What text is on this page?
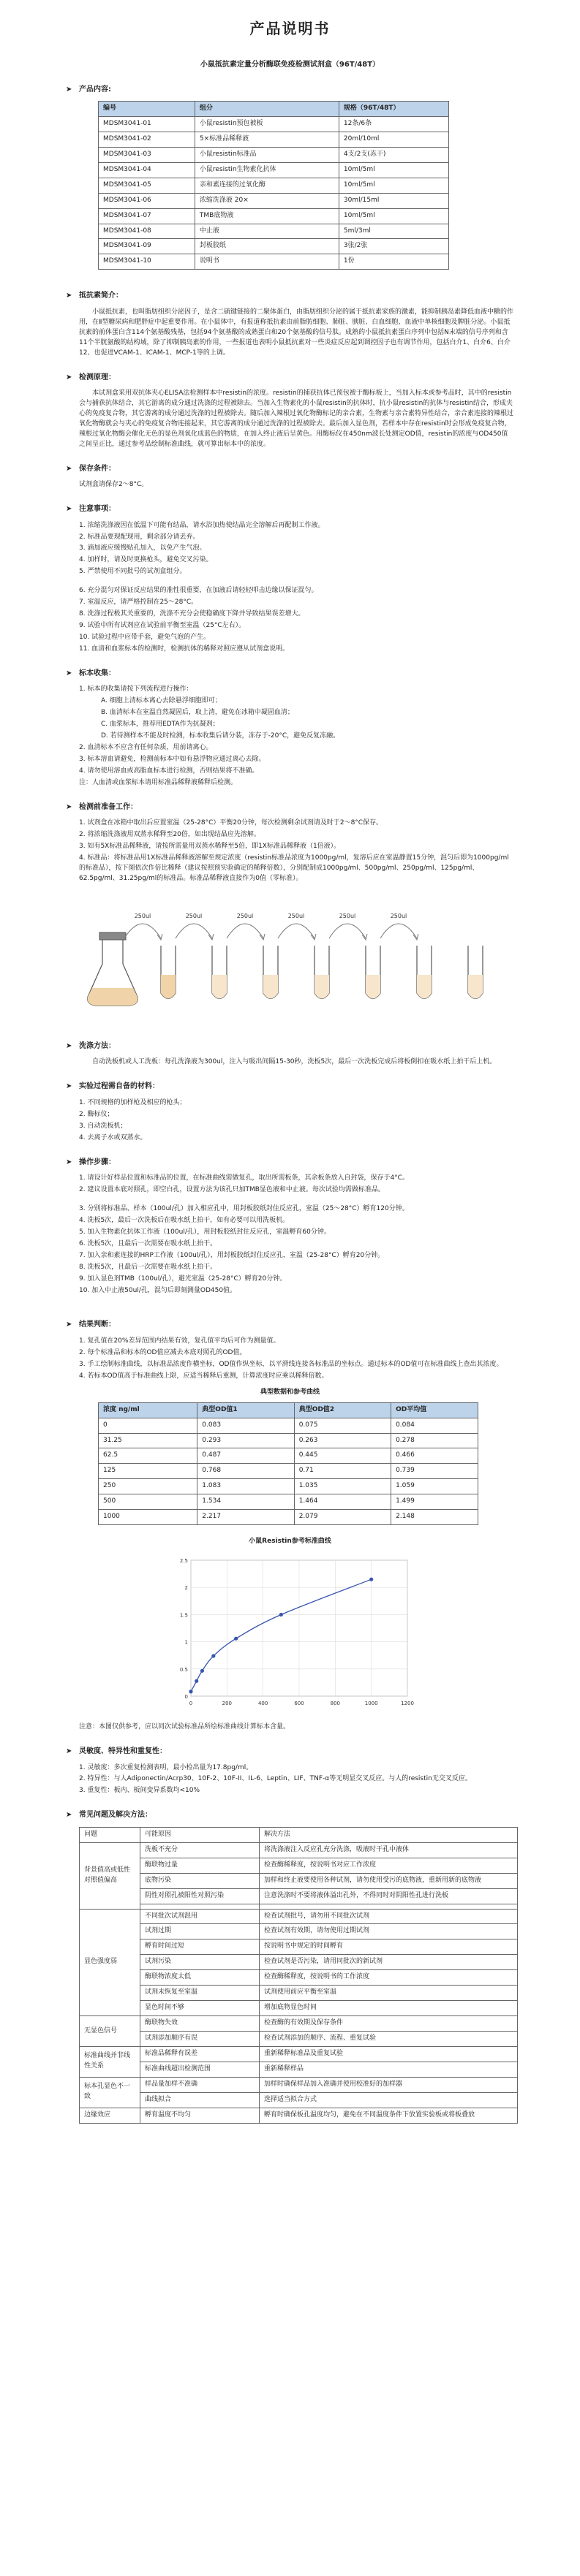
产品说明书
小鼠抵抗素定量分析酶联免疫检测试剂盒（96T/48T）
➤ 产品内容:
编号	组分	规格（96T/48T）
MDSM3041-01	小鼠resistin预包被板	12条/6条
MDSM3041-02	5×标准品稀释液	20ml/10ml
MDSM3041-03	小鼠resistin标准品	4支/2支(冻干)
MDSM3041-04	小鼠resistin生物素化抗体	10ml/5ml
MDSM3041-05	亲和素连接的过氧化酶	10ml/5ml
MDSM3041-06	浓缩洗涤液 20×	30ml/15ml
MDSM3041-07	TMB底物液	10ml/5ml
MDSM3041-08	中止液	5ml/3ml
MDSM3041-09	封板胶纸	3张/2张
MDSM3041-10	说明书	1份
➤ 抵抗素简介：

小鼠抵抗素，也叫脂肪组织分泌因子，是含二硫键链接的二聚体蛋白，由脂肪组织分泌的属于抵抗素家族的激素，能抑制胰岛素降低血液中糖的作用，在Ⅱ型糖尿病和肥胖症中起重要作用。在小鼠体中，有报道称抵抗素由前脂肪细胞、肺脏、胰脏、白血细胞、血液中单核细胞及脾脏分泌。小鼠抵抗素的前体蛋白含114个氨基酸残基，包括94个氨基酸的成熟蛋白和20个氨基酸的信号肽。成熟的小鼠抵抗素蛋白序列中包括N末端的信号序列和含11个半胱氨酸的结构域，除了抑制胰岛素的作用，一些报道也表明小鼠抵抗素对一些炎症反应起到调控因子也有调节作用，包括白介1、白介6、白介12、也促进VCAM-1、ICAM-1、MCP-1等的上调。

➤ 检测原理：

本试剂盒采用双抗体夹心ELISA法检测样本中resistin的浓度。resistin的捕获抗体已预包被于酶标板上，当加入标本或参考品时，其中的resistin会与捕获抗体结合，其它游离的成分通过洗涤的过程被除去。当加入生物素化的小鼠resistin的抗体时，抗小鼠resistin的抗体与resistin结合，形成夹心的免疫复合物，其它游离的成分通过洗涤的过程被除去。随后加入辣根过氧化物酶标记的亲合素，生物素与亲合素特异性结合，亲合素连接的辣根过氧化物酶就会与夹心的免疫复合物连接起来，其它游离的成分通过洗涤的过程被除去。最后加入显色剂，若样本中存在resistin时会形成免疫复合物，辣根过氧化物酶会催化无色的显色剂氧化成蓝色的物质，在加入终止液后呈黄色。用酶标仪在450nm波长处测定OD值，resistin的浓度与OD450值之间呈正比，通过参考品绘制标准曲线，就可算出标本中的浓度。

➤ 保存条件：

试剂盒请保存2～8°C。

➤ 注意事项：
1. 浓缩洗涤液因在低温下可能有结晶，请水浴加热使结晶完全溶解后再配制工作液。
2. 标准品要现配现用，剩余部分请丢弃。
3. 滴加液应缓慢贴孔加入，以免产生气泡。
4. 加样时，请及时更换枪头，避免交叉污染。
5. 严禁使用不同批号的试剂盒组分。
6. 充分混匀对保证反应结果的准性很重要，在加液后请轻轻叩击边缘以保证混匀。
7. 室温反应，请严格控制在25～28°C。
8. 洗涤过程极其关重要的，洗涤不充分会使稳确度下降并导致结果误差增大。
9. 试验中所有试剂应在试验前平衡至室温（25°C左右）。
10. 试验过程中应带手套，避免气泡的产生。
11. 血清和血浆标本的检测时，检测抗体的稀释对照应遵从试剂盒说明。
➤ 标本收集：
1. 标本的收集请按下列流程进行操作：
A. 细胞上清标本离心去除悬浮细胞即可；
B. 血清标本在室温自然凝固后，取上清，避免在冰箱中凝固血清；
C. 血浆标本，推荐用EDTA作为抗凝剂；
D. 若待测样本不能及时检测，标本收集后请分装，冻存于-20°C，避免反复冻融。
2. 血清标本不应含有任何杂质，用前请离心。
3. 标本溶血请避免，检测前标本中如有悬浮物应通过离心去除。
4. 请勿使用溶血或高脂血标本进行检测，否则结果将不准确。
注：人血清或血浆标本请用标准品稀释液稀释后检测。
➤ 检测前准备工作：
1. 试剂盒在冰箱中取出后应置室温（25-28°C）平衡20分钟，每次检测剩余试剂请及时于2～8°C保存。
2. 将浓缩洗涤液用双蒸水稀释至20倍，如出现结晶应先溶解。
3. 如有5X标准品稀释液，请按所需量用双蒸水稀释至5倍，即1X标准品稀释液（1倍液）。
4. 标准品：将标准品用1X标准品稀释液溶解至规定浓度（resistin标准品浓度为1000pg/ml，复溶后应在室温静置15分钟，混匀后即为1000pg/ml的标准品），按下图依次作倍比稀释（建议按照预实验确定的稀释倍数），分别配制成1000pg/ml、500pg/ml、250pg/ml、125pg/ml、62.5pg/ml、31.25pg/ml的标准品。标准品稀释液直接作为0值（零标准）。
250ul	250ul	250ul	250ul	250ul	250ul
➤ 洗涤方法：

自动洗板机或人工洗板：每孔洗涤液为300ul，注入与吸出间隔15-30秒，洗板5次，最后一次洗板完成后将板倒扣在吸水纸上拍干后上机。

➤ 实验过程需自备的材料：
1. 不同规格的加样枪及相应的枪头；
2. 酶标仪；
3. 自动洗板机；
4. 去离子水或双蒸水。
➤ 操作步骤：
1. 请设计好样品位置和标准品的位置，在标准曲线需做复孔，取出所需板条，其余板条放入自封袋，保存于4°C。
2. 建议设置本底对照孔，即空白孔，设置方法为该孔只加TMB显色液和中止液。每次试验均需做标准品。
3. 分别将标准品、样本（100ul/孔）加入相应孔中，用封板胶纸封住反应孔，室温（25～28°C）孵育120分钟。
4. 洗板5次，最后一次洗板后在吸水纸上拍干，如有必要可以用洗板机。
5. 加入生物素化抗体工作液（100ul/孔），用封板胶纸封住反应孔，室温孵育60分钟。
6. 洗板5次，且最后一次需要在吸水纸上拍干。
7. 加入亲和素连接的HRP工作液（100ul/孔），用封板胶纸封住反应孔，室温（25-28°C）孵育20分钟。
8. 洗板5次，且最后一次需要在吸水纸上拍干。
9. 加入显色剂TMB（100ul/孔），避光室温（25-28°C）孵育20分钟。
10. 加入中止液50ul/孔，混匀后即刻测量OD450值。
➤ 结果判断：
1. 复孔值在20%差异范围内结果有效，复孔值平均后可作为测量值。
2. 每个标准品和标本的OD值应减去本底对照孔的OD值。
3. 手工绘制标准曲线，以标准品浓度作横坐标，OD值作纵坐标，以平滑线连接各标准品的坐标点。通过标本的OD值可在标准曲线上查出其浓度。
4. 若标本OD值高于标准曲线上限，应适当稀释后重测，计算浓度时应乘以稀释倍数。
典型数据和参考曲线
浓度 ng/ml	典型OD值1	典型OD值2	OD平均值
0	0.083	0.075	0.084
31.25	0.293	0.263	0.278
62.5	0.487	0.445	0.466
125	0.768	0.71	0.739
250	1.083	1.035	1.059
500	1.534	1.464	1.499
1000	2.217	2.079	2.148
小鼠Resistin参考标准曲线
0
0.5
1
1.5
2
2.5
0	200	400	600	800	1000	1200

注意：本图仅供参考，应以同次试验标准品所绘标准曲线计算标本含量。

➤ 灵敏度、特异性和重复性：
1. 灵敏度：多次重复检测表明，最小检出量为17.8pg/ml。
2. 特异性：与人Adiponectin/Acrp30、10F-2、10F-II、IL-6、Leptin、LIF、TNF-α等无明显交叉反应。与人的resistin无交叉反应。
3. 重复性：板内、板间变异系数均<10%
➤ 常见问题及解决方法：
问题	可能原因	解决方法
背景值高或低性对照值偏高	洗板不充分	将洗涤液注入反应孔充分洗涤，吸液时干孔中液体
	酶联物过量	检查酶稀释度，按说明书对应工作浓度
	底物污染	加样和终止液要使用各种试剂，请勿使用受污的底物液，重新用新的底物液
	阴性对照孔被阳性对照污染	注意洗涤时不要将液体溢出孔外，不得同时对阴阳性孔进行洗板

显色强度弱	不同批次试剂混用	检查试剂批号，请勿用不同批次试剂
	试剂过期	检查试剂有效期，请勿使用过期试剂
	孵育时间过短	按说明书中规定的时间孵育
	试剂污染	检查试剂是否污染，请用同批次的新试剂
	酶联物浓度太低	检查酶稀释度，按说明书的工作浓度
	试剂未恢复至室温	试剂使用前应平衡至室温
	显色时间不够	增加底物显色时间
无显色信号	酶联物失效	检查酶的有效期及保存条件
	试剂添加顺序有误	检查试剂添加的顺序、流程、重复试验
标准曲线并非线性关系	标准品稀释有误差	重新稀释标准品及重复试验
	标准曲线超出检测范围	重新稀释样品
标本孔显色不一致	样品量加样不准确	加样时确保样品加入准确并使用校准好的加样器
	曲线拟合	选择适当拟合方式
边缘效应	孵育温度不均匀	孵育时确保板孔温度均匀，避免在不同温度条件下放置实验板或将板叠放
